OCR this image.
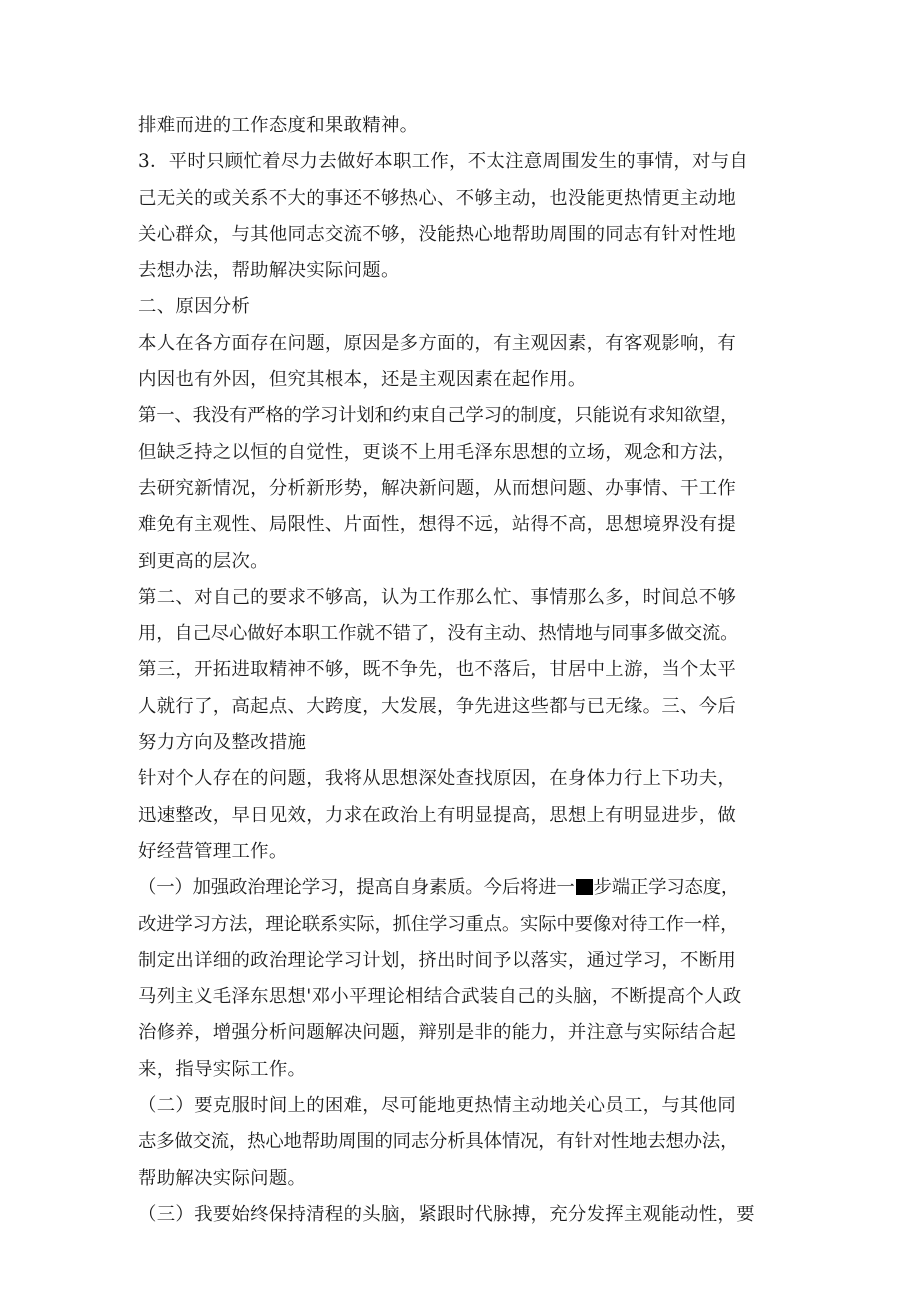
排难而进的工作态度和果敢精神。
3．平时只顾忙着尽力去做好本职工作，不太注意周围发生的事情，对与自
己无关的或关系不大的事还不够热心、不够主动，也没能更热情更主动地
关心群众，与其他同志交流不够，没能热心地帮助周围的同志有针对性地
去想办法，帮助解决实际问题。
二、原因分析
本人在各方面存在问题，原因是多方面的，有主观因素，有客观影响，有
内因也有外因，但究其根本，还是主观因素在起作用。
第一、我没有严格的学习计划和约束自己学习的制度，只能说有求知欲望，
但缺乏持之以恒的自觉性，更谈不上用毛泽东思想的立场，观念和方法，
去研究新情况，分析新形势，解决新问题，从而想问题、办事情、干工作
难免有主观性、局限性、片面性，想得不远，站得不高，思想境界没有提
到更高的层次。
第二、对自己的要求不够高，认为工作那么忙、事情那么多，时间总不够
用，自己尽心做好本职工作就不错了，没有主动、热情地与同事多做交流。
第三，开拓进取精神不够，既不争先，也不落后，甘居中上游，当个太平
人就行了，高起点、大跨度，大发展，争先进这些都与已无缘。三、今后
努力方向及整改措施
针对个人存在的问题，我将从思想深处查找原因，在身体力行上下功夫，
迅速整改，早日见效，力求在政治上有明显提高，思想上有明显进步，做
好经营管理工作。
（一）加强政治理论学习，提高自身素质。今后将进一 步端正学习态度，
改进学习方法，理论联系实际，抓住学习重点。实际中要像对待工作一样，
制定出详细的政治理论学习计划，挤出时间予以落实，通过学习，不断用
马列主义毛泽东思想'邓小平理论相结合武装自己的头脑，不断提高个人政
治修养，增强分析问题解决问题，辩别是非的能力，并注意与实际结合起
来，指导实际工作。
（二）要克服时间上的困难，尽可能地更热情主动地关心员工，与其他同
志多做交流，热心地帮助周围的同志分析具体情况，有针对性地去想办法，
帮助解决实际问题。
（三）我要始终保持清程的头脑，紧跟时代脉搏，充分发挥主观能动性，要
